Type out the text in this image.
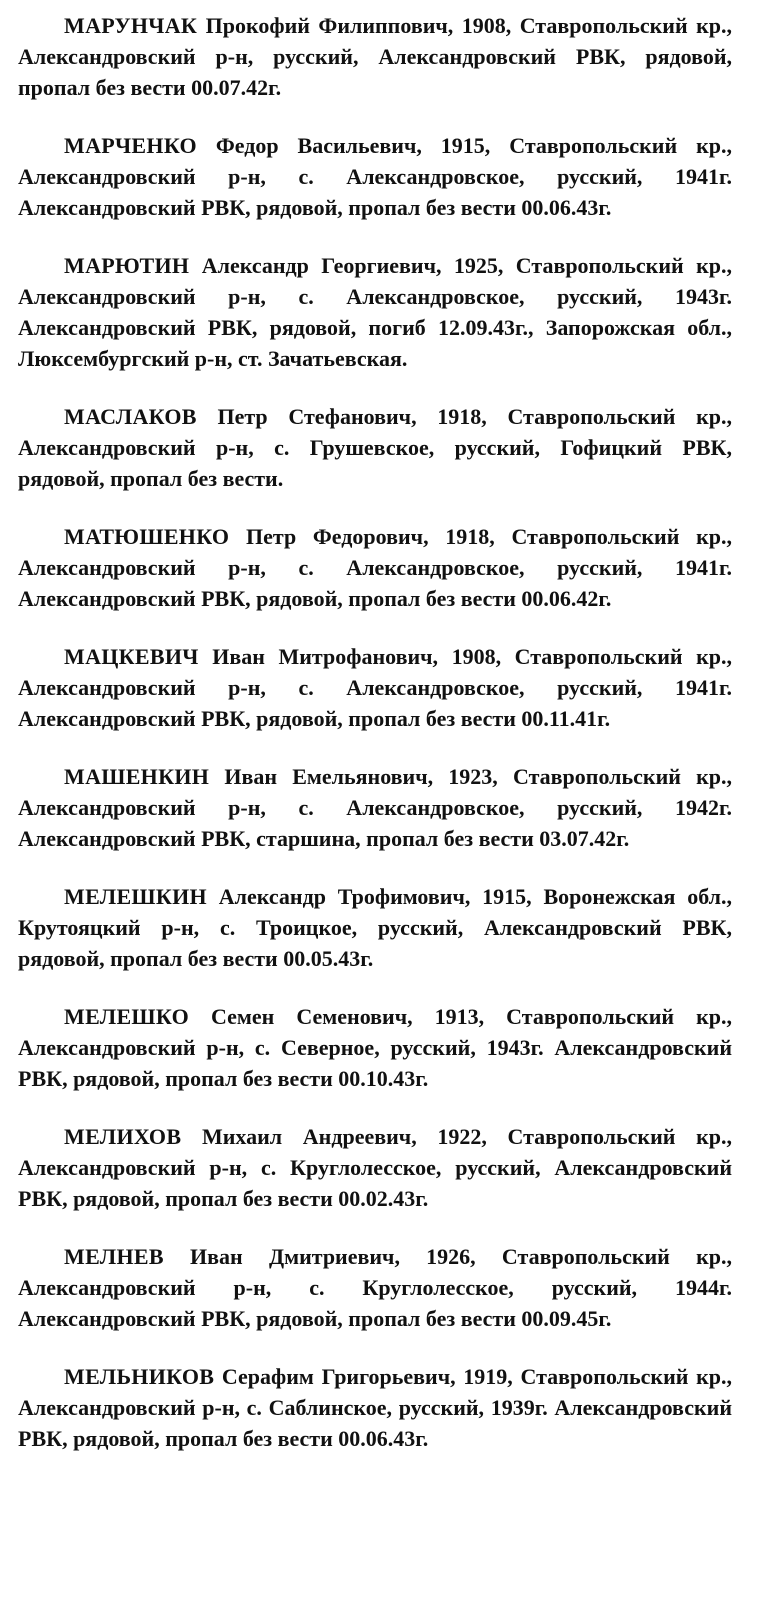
МАРУНЧАК Прокофий Филиппович, 1908, Ставропольский кр., Александровский р-н, русский, Александровский РВК, рядовой, пропал без вести 00.07.42г.

МАРЧЕНКО Федор Васильевич, 1915, Ставропольский кр., Александровский р-н, с. Александровское, русский, 1941г. Александровский РВК, рядовой, пропал без вести 00.06.43г.

МАРЮТИН Александр Георгиевич, 1925, Ставропольский кр., Александровский р-н, с. Александровское, русский, 1943г. Александровский РВК, рядовой, погиб 12.09.43г., Запорожская обл., Люксембургский р-н, ст. Зачатьевская.

МАСЛАКОВ Петр Стефанович, 1918, Ставропольский кр., Александровский р-н, с. Грушевское, русский, Гофицкий РВК, рядовой, пропал без вести.

МАТЮШЕНКО Петр Федорович, 1918, Ставропольский кр., Александровский р-н, с. Александровское, русский, 1941г. Александровский РВК, рядовой, пропал без вести 00.06.42г.

МАЦКЕВИЧ Иван Митрофанович, 1908, Ставропольский кр., Александровский р-н, с. Александровское, русский, 1941г. Александровский РВК, рядовой, пропал без вести 00.11.41г.

МАШЕНКИН Иван Емельянович, 1923, Ставропольский кр., Александровский р-н, с. Александровское, русский, 1942г. Александровский РВК, старшина, пропал без вести 03.07.42г.

МЕЛЕШКИН Александр Трофимович, 1915, Воронежская обл., Крутояцкий р-н, с. Троицкое, русский, Александровский РВК, рядовой, пропал без вести 00.05.43г.

МЕЛЕШКО Семен Семенович, 1913, Ставропольский кр., Александровский р-н, с. Северное, русский, 1943г. Александровский РВК, рядовой, пропал без вести 00.10.43г.

МЕЛИХОВ Михаил Андреевич, 1922, Ставропольский кр., Александровский р-н, с. Круглолесское, русский, Александровский РВК, рядовой, пропал без вести 00.02.43г.

МЕЛНЕВ Иван Дмитриевич, 1926, Ставропольский кр., Александровский р-н, с. Круглолесское, русский, 1944г. Александровский РВК, рядовой, пропал без вести 00.09.45г.

МЕЛЬНИКОВ Серафим Григорьевич, 1919, Ставропольский кр., Александровский р-н, с. Саблинское, русский, 1939г. Александровский РВК, рядовой, пропал без вести 00.06.43г.
